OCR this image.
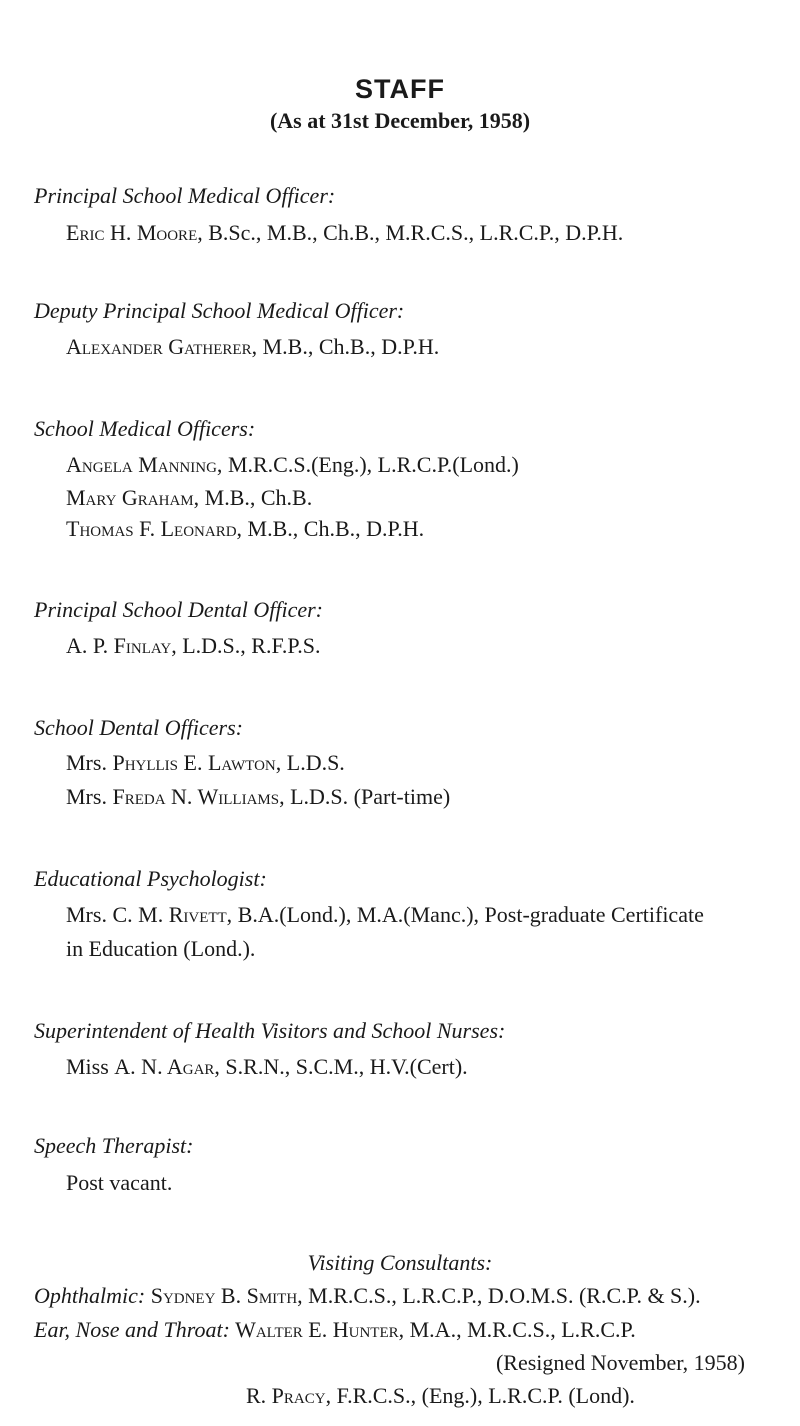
STAFF
(As at 31st December, 1958)
Principal School Medical Officer:
Eric H. Moore, B.Sc., M.B., Ch.B., M.R.C.S., L.R.C.P., D.P.H.
Deputy Principal School Medical Officer:
Alexander Gatherer, M.B., Ch.B., D.P.H.
School Medical Officers:
Angela Manning, M.R.C.S.(Eng.), L.R.C.P.(Lond.)
Mary Graham, M.B., Ch.B.
Thomas F. Leonard, M.B., Ch.B., D.P.H.
Principal School Dental Officer:
A. P. Finlay, L.D.S., R.F.P.S.
School Dental Officers:
Mrs. Phyllis E. Lawton, L.D.S.
Mrs. Freda N. Williams, L.D.S. (Part-time)
Educational Psychologist:
Mrs. C. M. Rivett, B.A.(Lond.), M.A.(Manc.), Post-graduate Certificate
in Education (Lond.).
Superintendent of Health Visitors and School Nurses:
Miss A. N. Agar, S.R.N., S.C.M., H.V.(Cert).
Speech Therapist:
Post vacant.
Visiting Consultants:
Ophthalmic: Sydney B. Smith, M.R.C.S., L.R.C.P., D.O.M.S. (R.C.P. & S.).
Ear, Nose and Throat: Walter E. Hunter, M.A., M.R.C.S., L.R.C.P.
(Resigned November, 1958)
R. Pracy, F.R.C.S., (Eng.), L.R.C.P. (Lond).
